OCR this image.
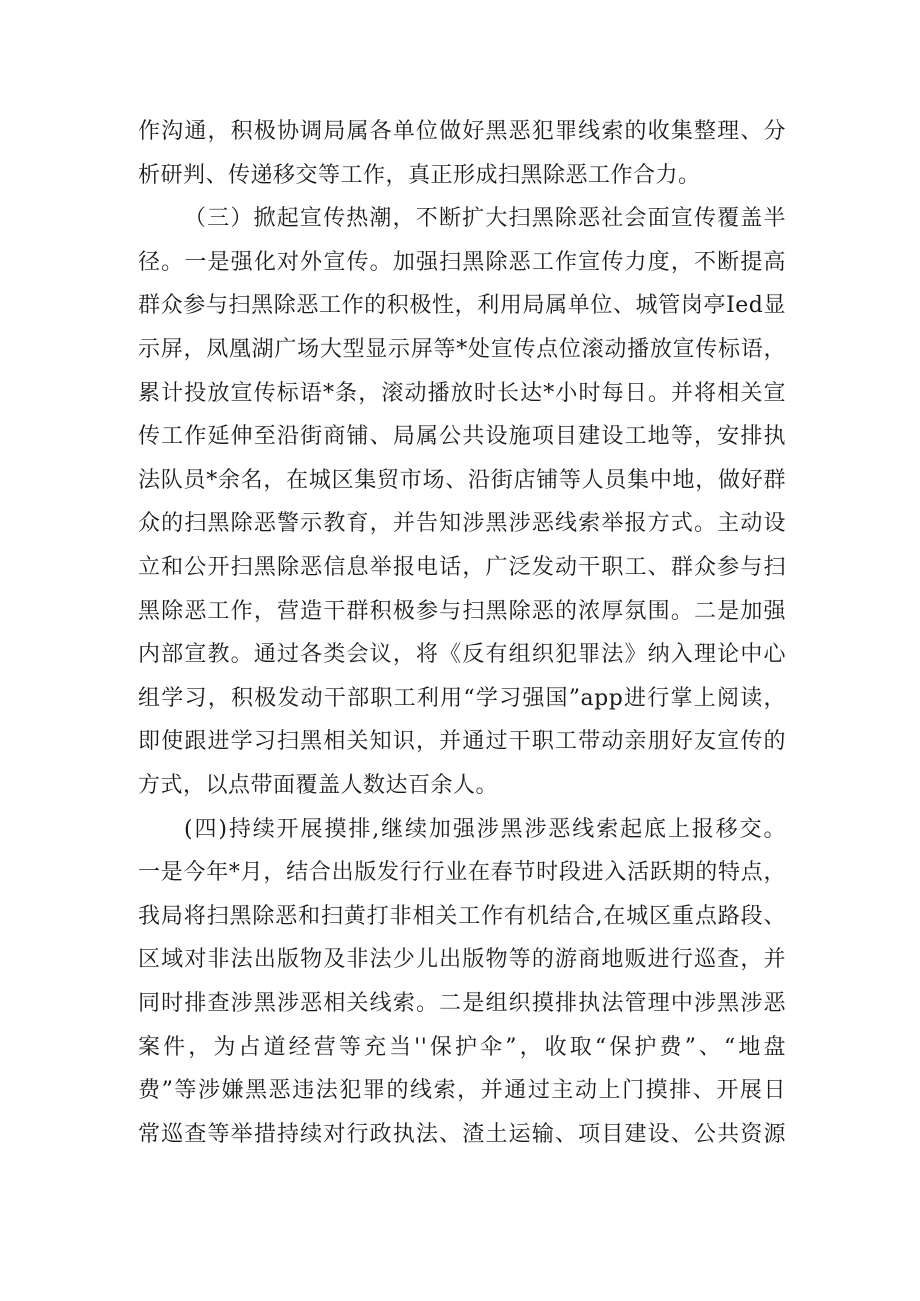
作沟通，积极协调局属各单位做好黑恶犯罪线索的收集整理、分
析研判、传递移交等工作，真正形成扫黑除恶工作合力。
（三）掀起宣传热潮，不断扩大扫黑除恶社会面宣传覆盖半
径。一是强化对外宣传。加强扫黑除恶工作宣传力度，不断提高
群众参与扫黑除恶工作的积极性，利用局属单位、城管岗亭Ied显
示屏，凤凰湖广场大型显示屏等*处宣传点位滚动播放宣传标语，
累计投放宣传标语*条，滚动播放时长达*小时每日。并将相关宣
传工作延伸至沿街商铺、局属公共设施项目建设工地等，安排执
法队员*余名，在城区集贸市场、沿街店铺等人员集中地，做好群
众的扫黑除恶警示教育，并告知涉黑涉恶线索举报方式。主动设
立和公开扫黑除恶信息举报电话，广泛发动干职工、群众参与扫
黑除恶工作，营造干群积极参与扫黑除恶的浓厚氛围。二是加强
内部宣教。通过各类会议，将《反有组织犯罪法》纳入理论中心
组学习，积极发动干部职工利用“学习强国”app进行掌上阅读，
即使跟进学习扫黑相关知识，并通过干职工带动亲朋好友宣传的
方式，以点带面覆盖人数达百余人。
(四)持续开展摸排,继续加强涉黑涉恶线索起底上报移交。
一是今年*月，结合出版发行行业在春节时段进入活跃期的特点，
我局将扫黑除恶和扫黄打非相关工作有机结合,在城区重点路段、
区域对非法出版物及非法少儿出版物等的游商地贩进行巡查，并
同时排查涉黑涉恶相关线索。二是组织摸排执法管理中涉黑涉恶
案件，为占道经营等充当''保护伞”，收取“保护费”、“地盘
费”等涉嫌黑恶违法犯罪的线索，并通过主动上门摸排、开展日
常巡查等举措持续对行政执法、渣土运输、项目建设、公共资源
